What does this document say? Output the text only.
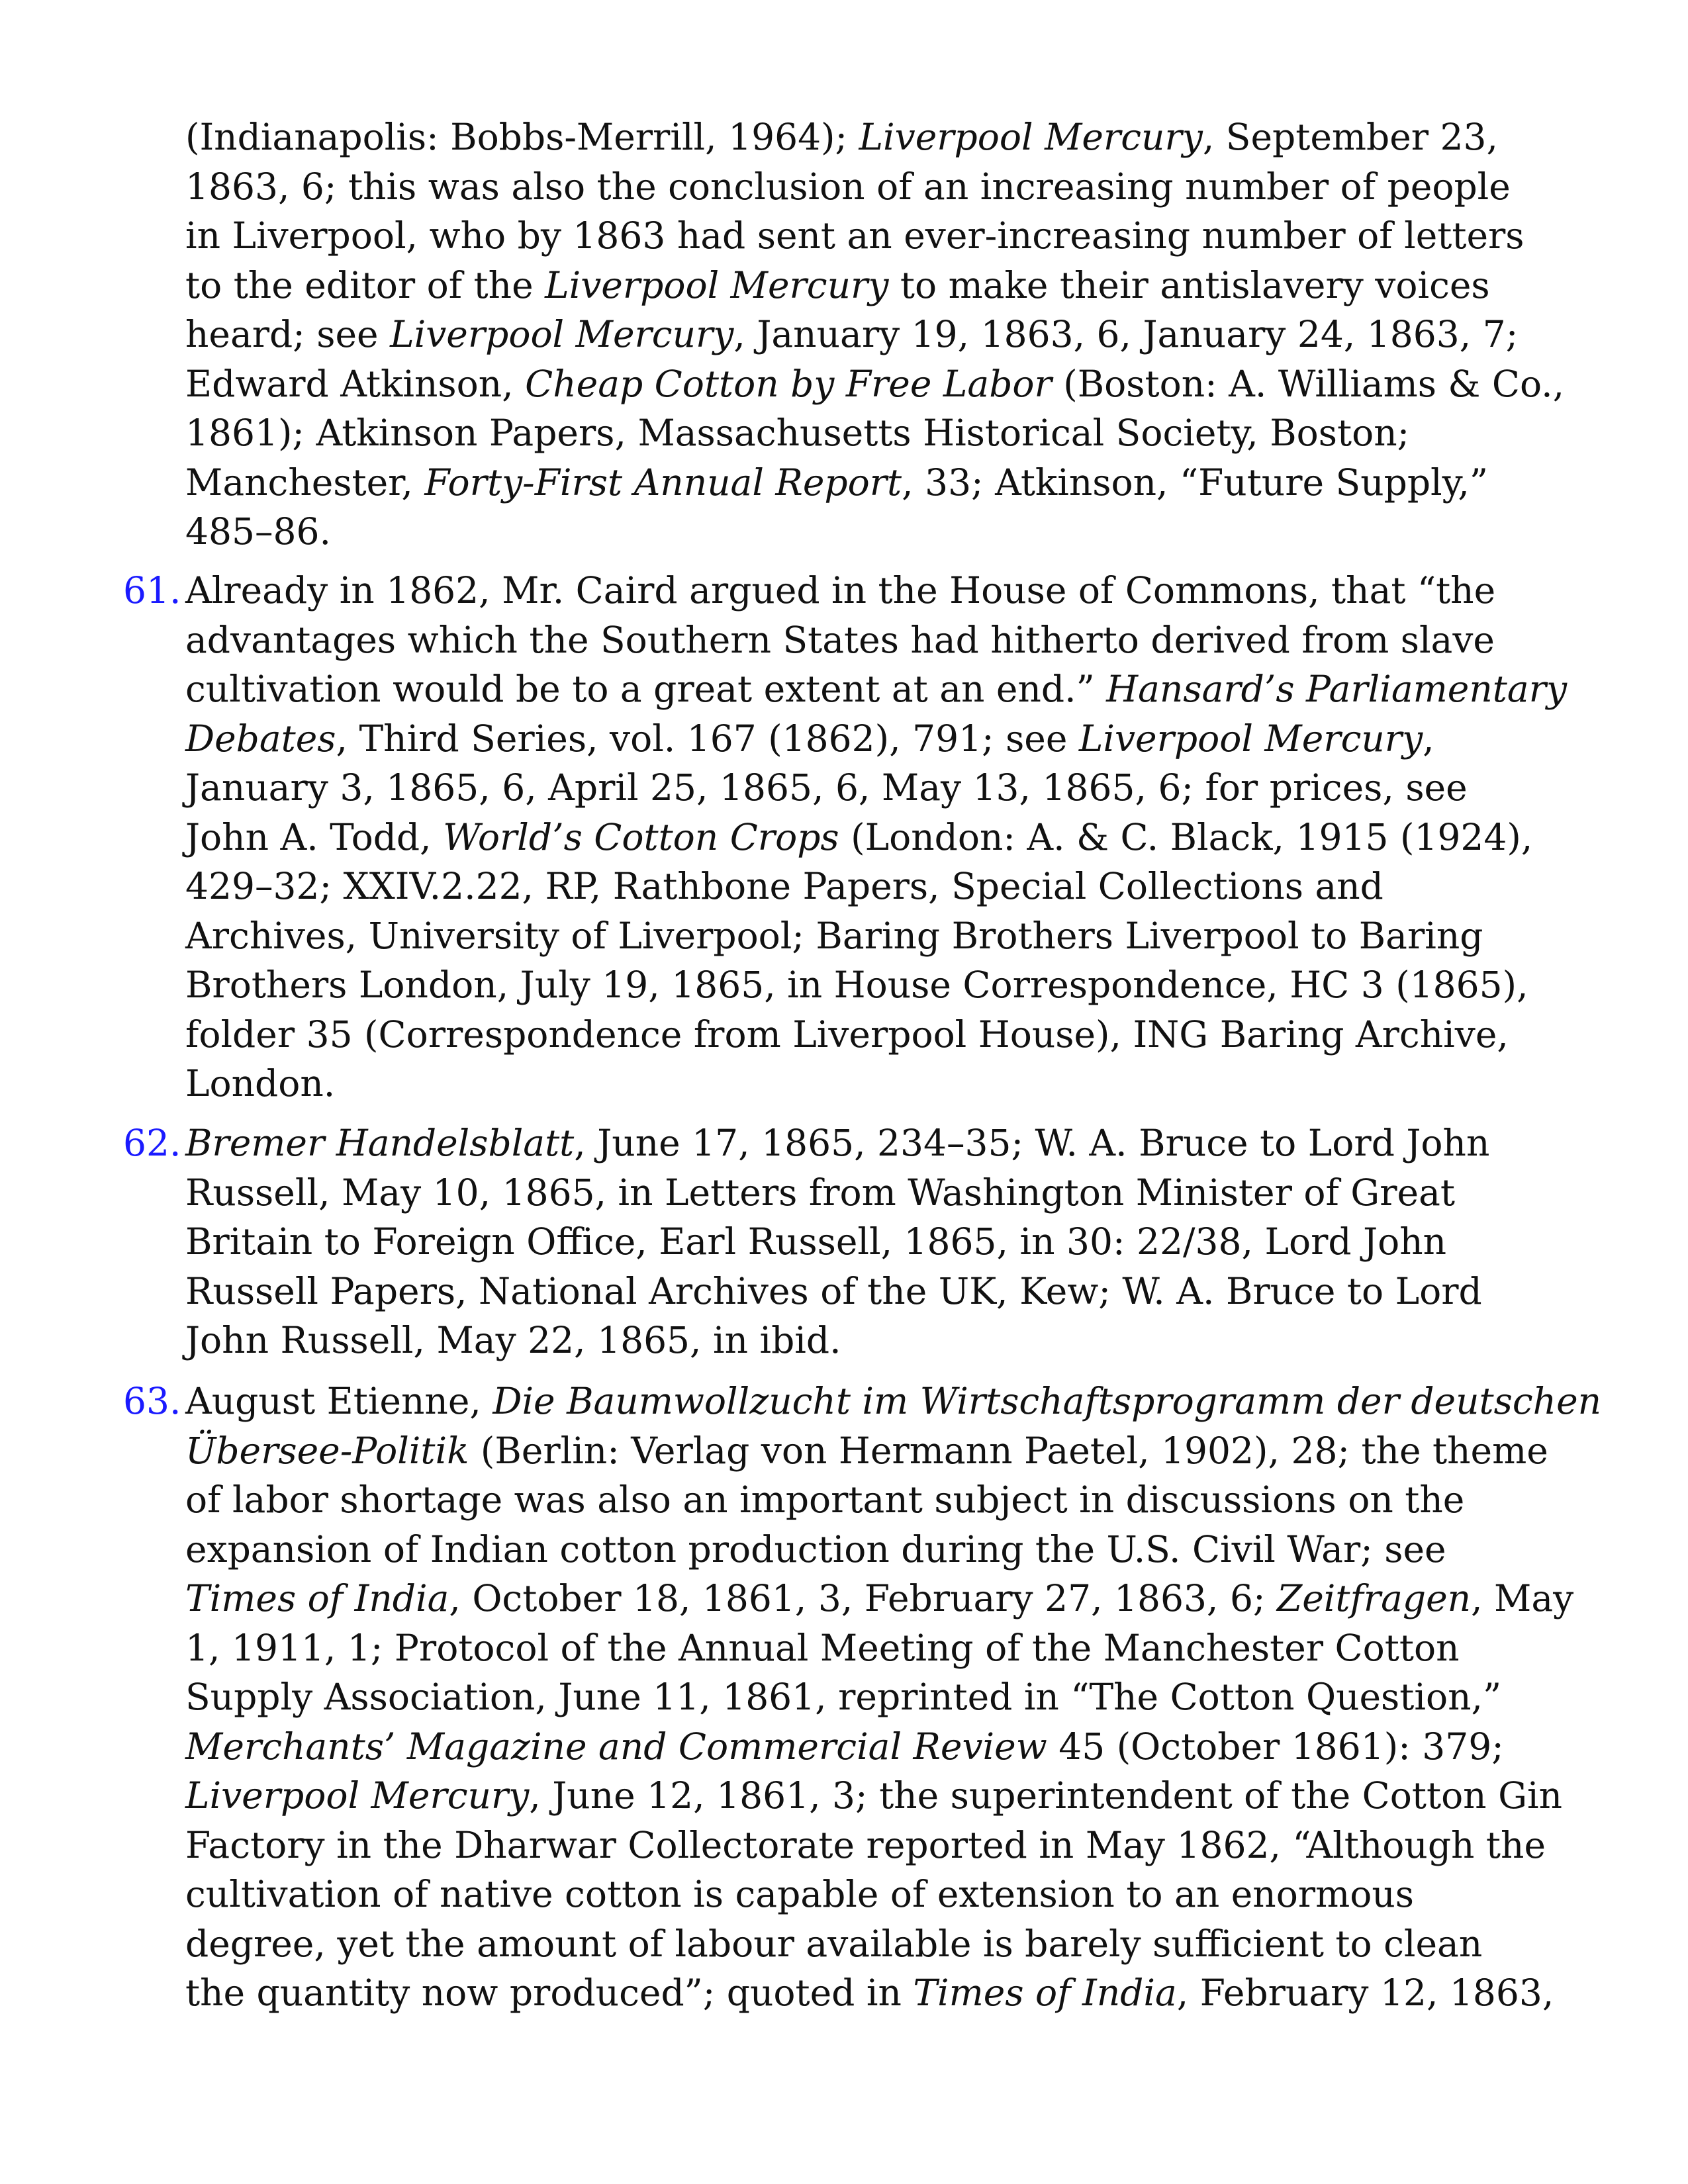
(Indianapolis: Bobbs-Merrill, 1964); Liverpool Mercury, September 23,
1863, 6; this was also the conclusion of an increasing number of people
in Liverpool, who by 1863 had sent an ever-increasing number of letters
to the editor of the Liverpool Mercury to make their antislavery voices
heard; see Liverpool Mercury, January 19, 1863, 6, January 24, 1863, 7;
Edward Atkinson, Cheap Cotton by Free Labor (Boston: A. Williams & Co.,
1861); Atkinson Papers, Massachusetts Historical Society, Boston;
Manchester, Forty-First Annual Report, 33; Atkinson, “Future Supply,”
485–86.
61. Already in 1862, Mr. Caird argued in the House of Commons, that “the
advantages which the Southern States had hitherto derived from slave
cultivation would be to a great extent at an end.” Hansard’s Parliamentary
Debates, Third Series, vol. 167 (1862), 791; see Liverpool Mercury,
January 3, 1865, 6, April 25, 1865, 6, May 13, 1865, 6; for prices, see
John A. Todd, World’s Cotton Crops (London: A. & C. Black, 1915 (1924),
429–32; XXIV.2.22, RP, Rathbone Papers, Special Collections and
Archives, University of Liverpool; Baring Brothers Liverpool to Baring
Brothers London, July 19, 1865, in House Correspondence, HC 3 (1865),
folder 35 (Correspondence from Liverpool House), ING Baring Archive,
London.
62. Bremer Handelsblatt, June 17, 1865, 234–35; W. A. Bruce to Lord John
Russell, May 10, 1865, in Letters from Washington Minister of Great
Britain to Foreign Office, Earl Russell, 1865, in 30: 22/38, Lord John
Russell Papers, National Archives of the UK, Kew; W. A. Bruce to Lord
John Russell, May 22, 1865, in ibid.
63. August Etienne, Die Baumwollzucht im Wirtschaftsprogramm der deutschen
Übersee-Politik (Berlin: Verlag von Hermann Paetel, 1902), 28; the theme
of labor shortage was also an important subject in discussions on the
expansion of Indian cotton production during the U.S. Civil War; see
Times of India, October 18, 1861, 3, February 27, 1863, 6; Zeitfragen, May
1, 1911, 1; Protocol of the Annual Meeting of the Manchester Cotton
Supply Association, June 11, 1861, reprinted in “The Cotton Question,”
Merchants’ Magazine and Commercial Review 45 (October 1861): 379;
Liverpool Mercury, June 12, 1861, 3; the superintendent of the Cotton Gin
Factory in the Dharwar Collectorate reported in May 1862, “Although the
cultivation of native cotton is capable of extension to an enormous
degree, yet the amount of labour available is barely sufficient to clean
the quantity now produced”; quoted in Times of India, February 12, 1863,
